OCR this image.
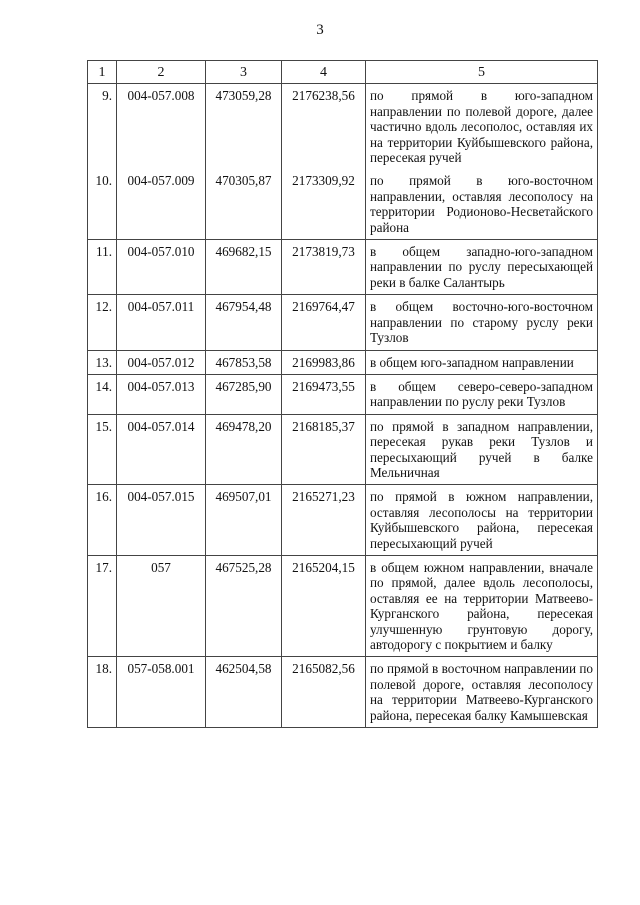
3
1	2	3	4	5
9.	004-057.008	473059,28	2176238,56	по прямой в юго-западном направлении по полевой дороге, далее частично вдоль лесополос, оставляя их на территории Куйбышевского района, пересекая ручей
10.	004-057.009	470305,87	2173309,92	по прямой в юго-восточном направлении, оставляя лесополосу на территории Родионово-Несветайского района
11.	004-057.010	469682,15	2173819,73	в общем западно-юго-западном направлении по руслу пересыхающей реки в балке Салантырь
12.	004-057.011	467954,48	2169764,47	в общем восточно-юго-восточном направлении по старому руслу реки Тузлов
13.	004-057.012	467853,58	2169983,86	в общем юго-западном направлении
14.	004-057.013	467285,90	2169473,55	в общем северо-северо-западном направлении по руслу реки Тузлов
15.	004-057.014	469478,20	2168185,37	по прямой в западном направлении, пересекая рукав реки Тузлов и пересыхающий ручей в балке Мельничная
16.	004-057.015	469507,01	2165271,23	по прямой в южном направлении, оставляя лесополосы на территории Куйбышевского района, пересекая пересыхающий ручей
17.	057	467525,28	2165204,15	в общем южном направлении, вначале по прямой, далее вдоль лесополосы, оставляя ее на территории Матвеево-Курганского района, пересекая улучшенную грунтовую дорогу, автодорогу с покрытием и балку
18.	057-058.001	462504,58	2165082,56	по прямой в восточном направлении по полевой дороге, оставляя лесополосу на территории Матвеево-Курганского района, пересекая балку Камышевская
